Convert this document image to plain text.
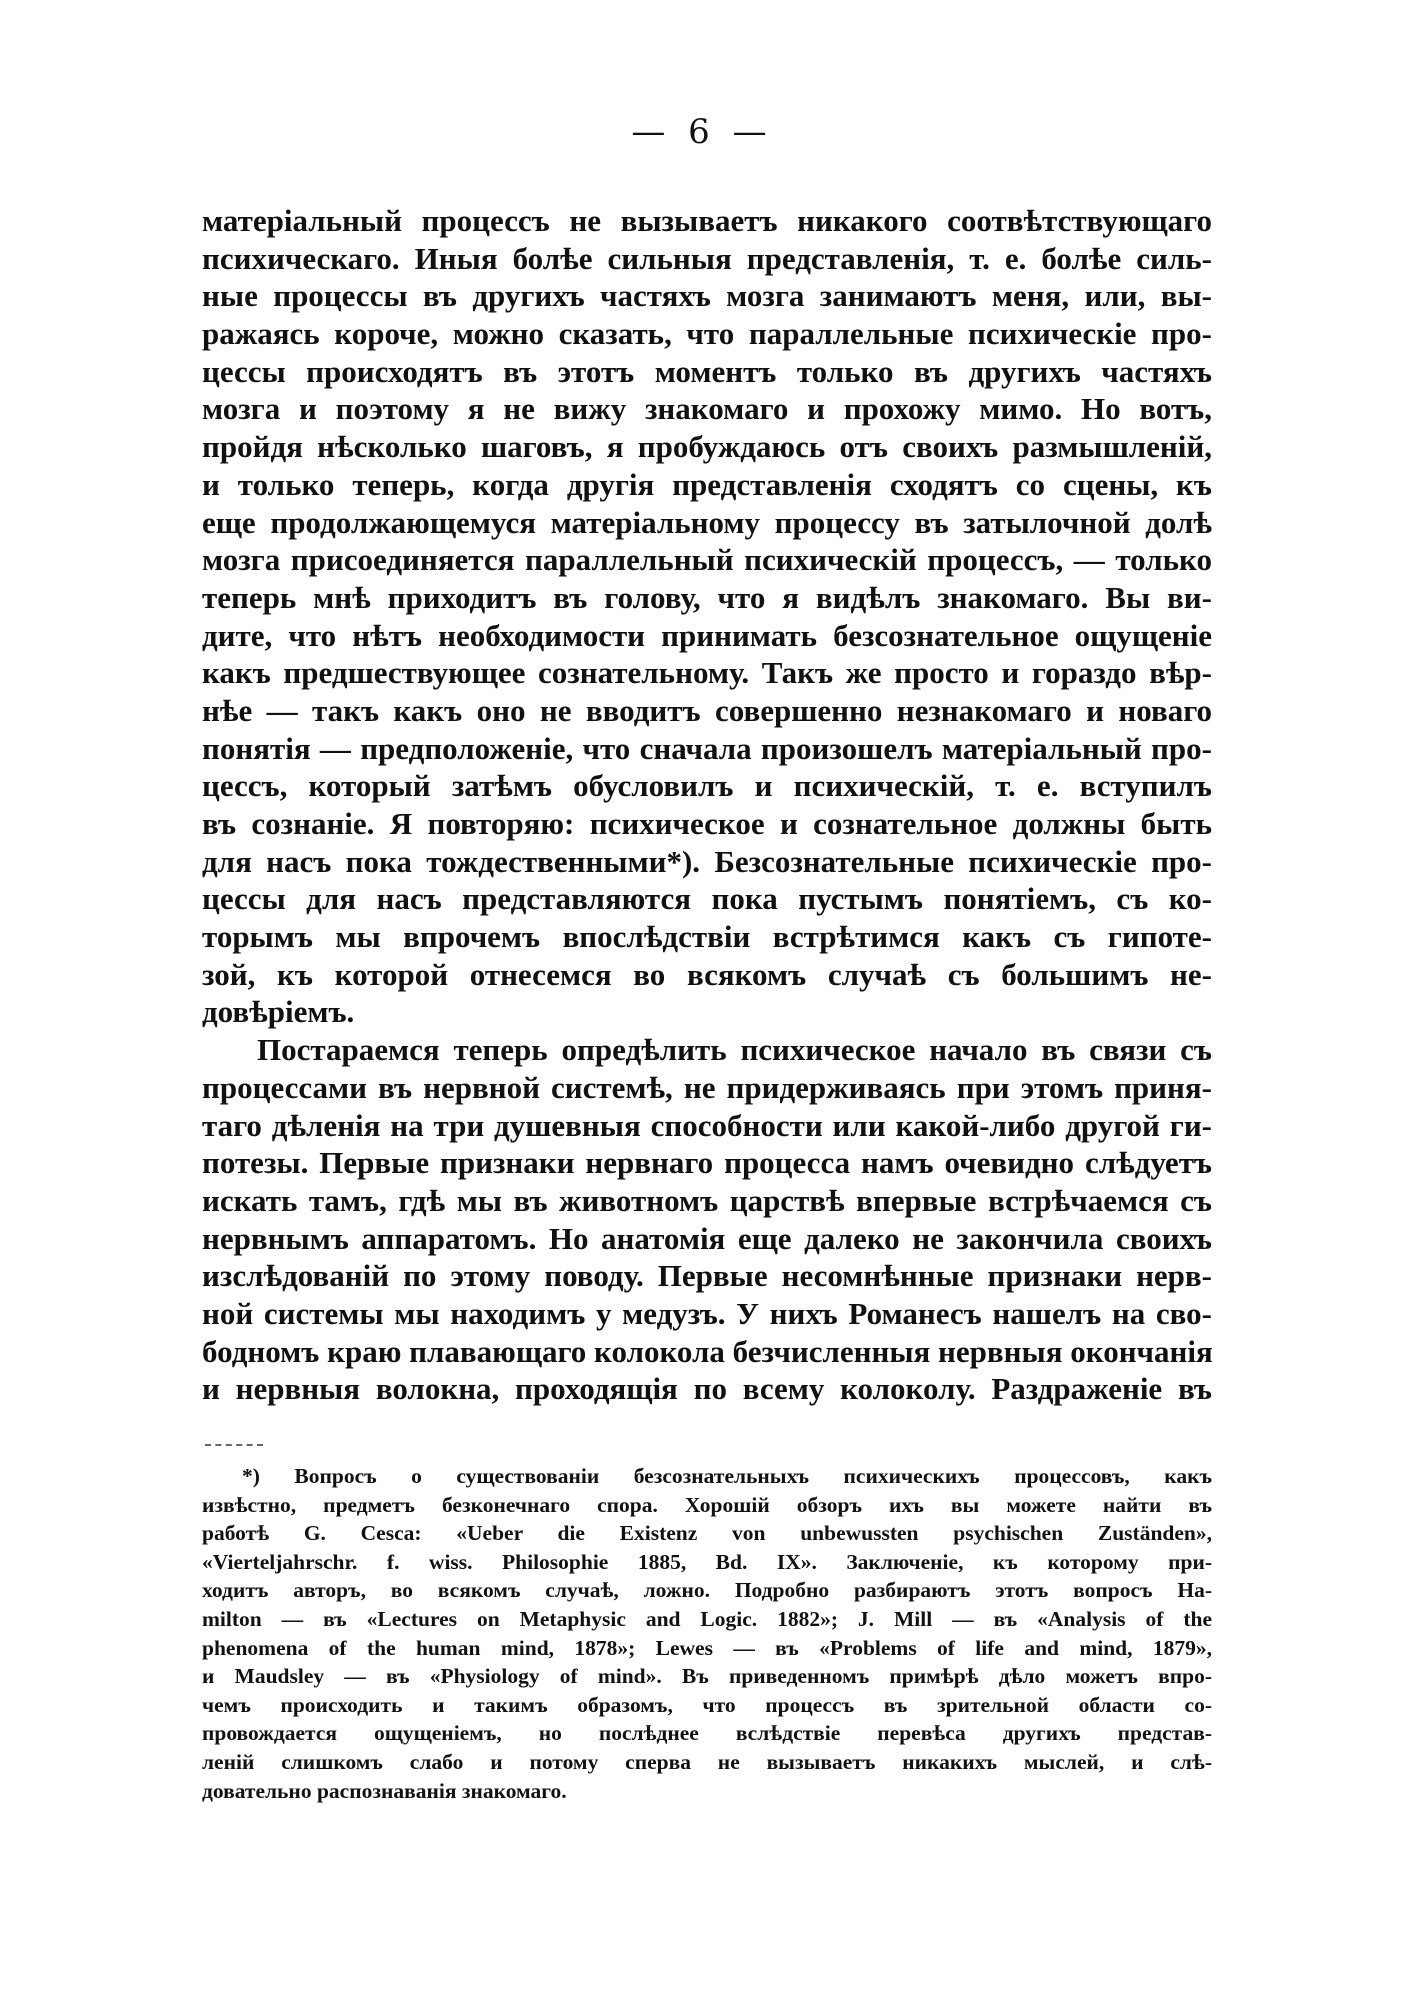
— 6 —
матеріальный процессъ не вызываетъ никакого соотвѣтствующаго
психическаго. Иныя болѣе сильныя представленія, т. е. болѣе силь-
ные процессы въ другихъ частяхъ мозга занимаютъ меня, или, вы-
ражаясь короче, можно сказать, что параллельные психическіе про-
цессы происходятъ въ этотъ моментъ только въ другихъ частяхъ
мозга и поэтому я не вижу знакомаго и прохожу мимо. Но вотъ,
пройдя нѣсколько шаговъ, я пробуждаюсь отъ своихъ размышленій,
и только теперь, когда другія представленія сходятъ со сцены, къ
еще продолжающемуся матеріальному процессу въ затылочной долѣ
мозга присоединяется параллельный психическій процессъ, — только
теперь мнѣ приходитъ въ голову, что я видѣлъ знакомаго. Вы ви-
дите, что нѣтъ необходимости принимать безсознательное ощущеніе
какъ предшествующее сознательному. Такъ же просто и гораздо вѣр-
нѣе — такъ какъ оно не вводитъ совершенно незнакомаго и новаго
понятія — предположеніе, что сначала произошелъ матеріальный про-
цессъ, который затѣмъ обусловилъ и психическій, т. е. вступилъ
въ сознаніе. Я повторяю: психическое и сознательное должны быть
для насъ пока тождественными*). Безсознательные психическіе про-
цессы для насъ представляются пока пустымъ понятіемъ, съ ко-
торымъ мы впрочемъ впослѣдствіи встрѣтимся какъ съ гипоте-
зой, къ которой отнесемся во всякомъ случаѣ съ большимъ не-
довѣріемъ.
Постараемся теперь опредѣлить психическое начало въ связи съ
процессами въ нервной системѣ, не придерживаясь при этомъ приня-
таго дѣленія на три душевныя способности или какой-либо другой ги-
потезы. Первые признаки нервнаго процесса намъ очевидно слѣдуетъ
искать тамъ, гдѣ мы въ животномъ царствѣ впервые встрѣчаемся съ
нервнымъ аппаратомъ. Но анатомія еще далеко не закончила своихъ
изслѣдованій по этому поводу. Первые несомнѣнные признаки нерв-
ной системы мы находимъ у медузъ. У нихъ Романесъ нашелъ на сво-
бодномъ краю плавающаго колокола безчисленныя нервныя окончанія
и нервныя волокна, проходящія по всему колоколу. Раздраженіе въ
*) Вопросъ о существованіи безсознательныхъ психическихъ процессовъ, какъ
извѣстно, предметъ безконечнаго спора. Хорошій обзоръ ихъ вы можете найти въ
работѣ G. Cesca: «Ueber die Existenz von unbewussten psychischen Zuständen»,
«Vierteljahrschr. f. wiss. Philosophie 1885, Bd. IX». Заключеніе, къ которому при-
ходитъ авторъ, во всякомъ случаѣ, ложно. Подробно разбираютъ этотъ вопросъ Ha-
milton — въ «Lectures on Metaphysic and Logic. 1882»; J. Mill — въ «Analysis of the
phenomena of the human mind, 1878»; Lewes — въ «Problems of life and mind, 1879»,
и Maudsley — въ «Physiology of mind». Въ приведенномъ примѣрѣ дѣло можетъ впро-
чемъ происходить и такимъ образомъ, что процессъ въ зрительной области со-
провождается ощущеніемъ, но послѣднее вслѣдствіе перевѣса другихъ представ-
леній слишкомъ слабо и потому сперва не вызываетъ никакихъ мыслей, и слѣ-
довательно распознаванія знакомаго.
